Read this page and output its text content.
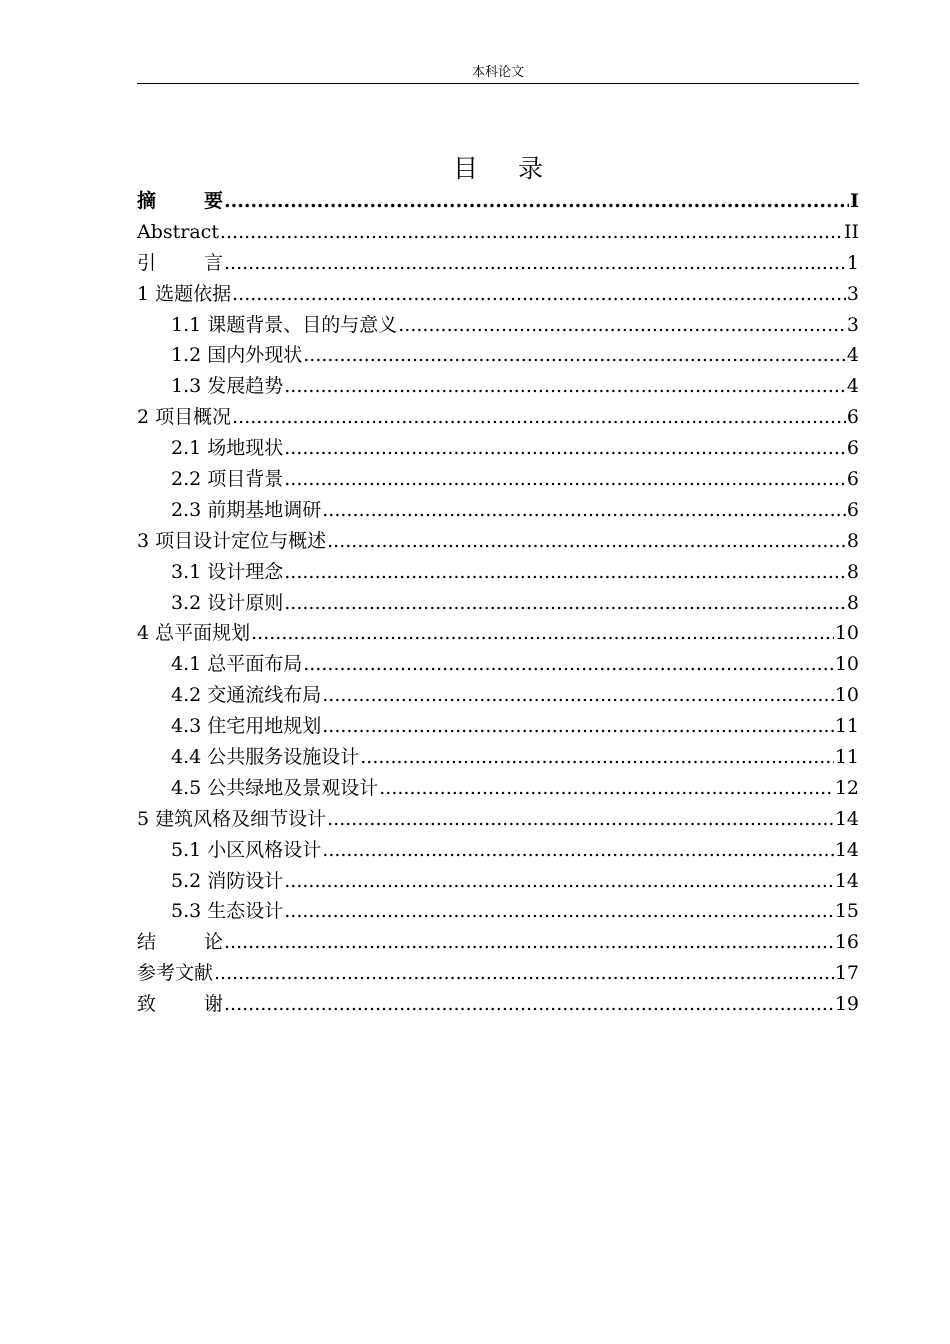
本科论文
目录
摘要 .....	I
Abstract .....	II
引言 .....	1
1 选题依据 .....	3
1.1 课题背景、目的与意义 .....	3
1.2 国内外现状 .....	4
1.3 发展趋势 .....	4
2 项目概况 .....	6
2.1 场地现状 .....	6
2.2 项目背景 .....	6
2.3 前期基地调研 .....	6
3 项目设计定位与概述 .....	8
3.1 设计理念 .....	8
3.2 设计原则 .....	8
4 总平面规划 .....	10
4.1 总平面布局 .....	10
4.2 交通流线布局 .....	10
4.3 住宅用地规划 .....	11
4.4 公共服务设施设计 .....	11
4.5 公共绿地及景观设计 .....	12
5 建筑风格及细节设计 .....	14
5.1 小区风格设计 .....	14
5.2 消防设计 .....	14
5.3 生态设计 .....	15
结论 .....	16
参考文献 .....	17
致谢 .....	19
